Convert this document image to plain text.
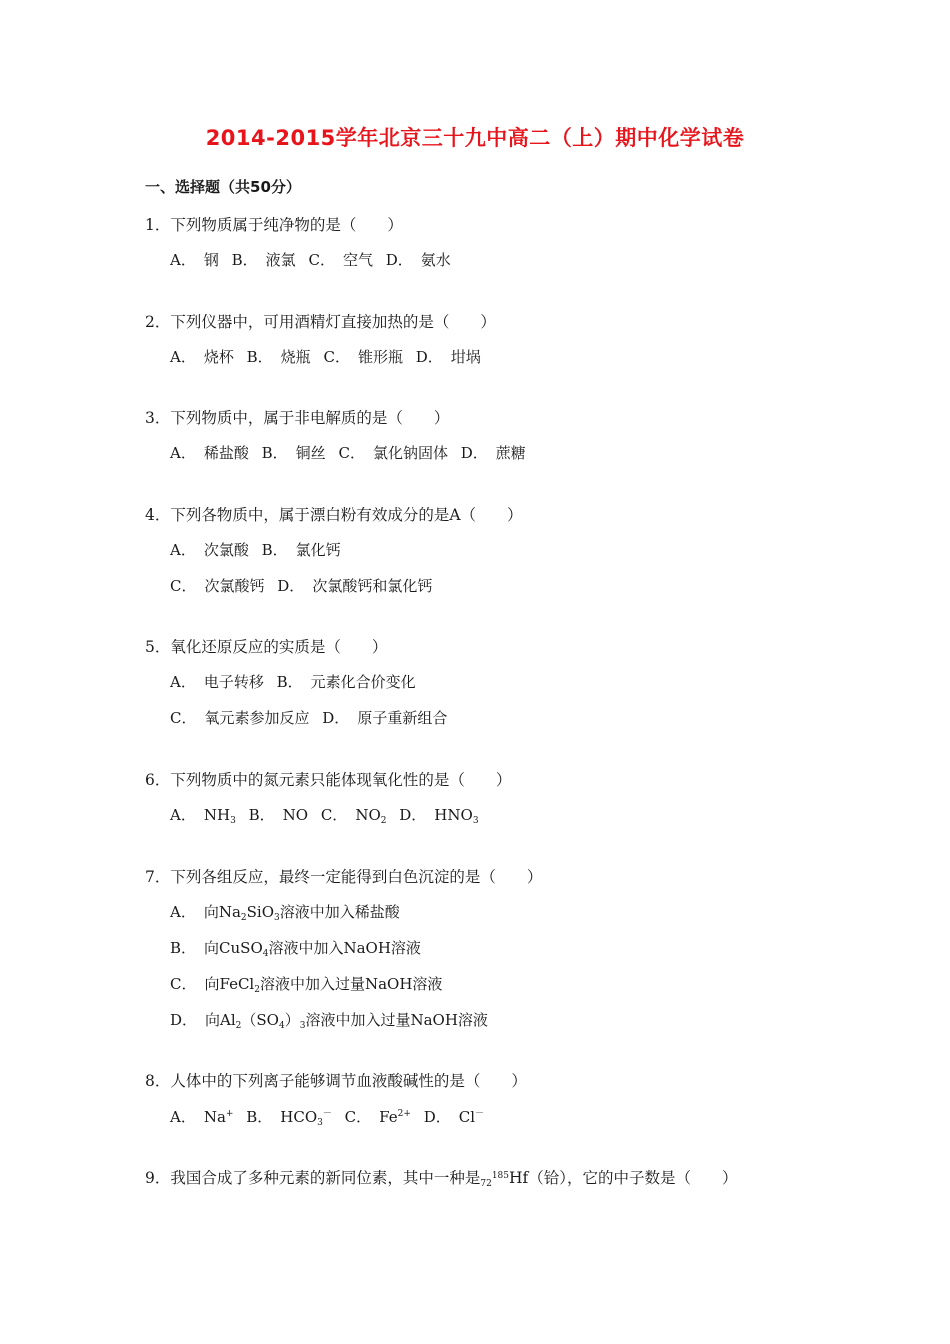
2014-2015学年北京三十九中高二（上）期中化学试卷
一、选择题（共50分）
1．下列物质属于纯净物的是（　　）
A． 钢 B． 液氯 C． 空气 D． 氨水
2．下列仪器中，可用酒精灯直接加热的是（　　）
A． 烧杯 B． 烧瓶 C． 锥形瓶 D． 坩埚
3．下列物质中，属于非电解质的是（　　）
A． 稀盐酸 B． 铜丝 C． 氯化钠固体 D． 蔗糖
4．下列各物质中，属于漂白粉有效成分的是A（　　）
A． 次氯酸 B． 氯化钙
C． 次氯酸钙 D． 次氯酸钙和氯化钙
5．氧化还原反应的实质是（　　）
A． 电子转移 B． 元素化合价变化
C． 氧元素参加反应 D． 原子重新组合
6．下列物质中的氮元素只能体现氧化性的是（　　）
A． $NH_3$ B． NO C． $NO_2$ D． $HNO_3$
7．下列各组反应，最终一定能得到白色沉淀的是（　　）
A． 向$Na_2SiO_3$溶液中加入稀盐酸
B． 向CuSO$_4$溶液中加入NaOH溶液
C． 向FeCl$_2$溶液中加入过量NaOH溶液
D． 向$Al_2(SO_4)_3$溶液中加入过量NaOH溶液
8．人体中的下列离子能够调节血液酸碱性的是（　　）
A． Na+ B． $HCO_3^-$ C． $Fe^{2+}$ D． Cl－
9．我国合成了多种元素的新同位素，其中一种是$72^{185}Hf$（铪），它的中子数是（　　）
